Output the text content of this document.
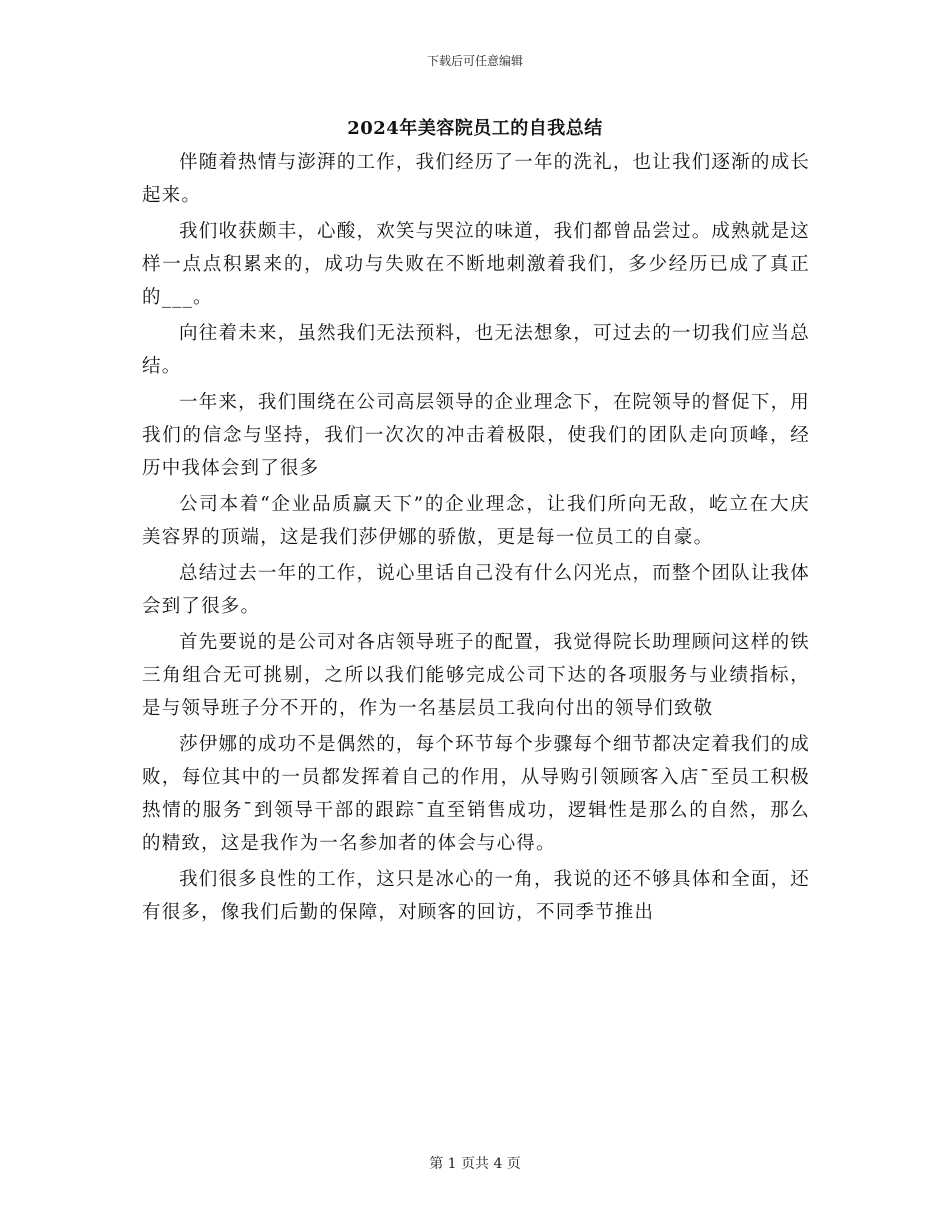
下载后可任意编辑
2024年美容院员工的自我总结

伴随着热情与澎湃的工作，我们经历了一年的洗礼，也让我们逐渐的成长起来。

我们收获颇丰，心酸，欢笑与哭泣的味道，我们都曾品尝过。成熟就是这样一点点积累来的，成功与失败在不断地刺激着我们，多少经历已成了真正的___。

向往着未来，虽然我们无法预料，也无法想象，可过去的一切我们应当总结。

一年来，我们围绕在公司高层领导的企业理念下，在院领导的督促下，用我们的信念与坚持，我们一次次的冲击着极限，使我们的团队走向顶峰，经历中我体会到了很多

公司本着“企业品质赢天下”的企业理念，让我们所向无敌，屹立在大庆美容界的顶端，这是我们莎伊娜的骄傲，更是每一位员工的自豪。

总结过去一年的工作，说心里话自己没有什么闪光点，而整个团队让我体会到了很多。

首先要说的是公司对各店领导班子的配置，我觉得院长助理顾问这样的铁三角组合无可挑剔，之所以我们能够完成公司下达的各项服务与业绩指标，是与领导班子分不开的，作为一名基层员工我向付出的领导们致敬

莎伊娜的成功不是偶然的，每个环节每个步骤每个细节都决定着我们的成败，每位其中的一员都发挥着自己的作用，从导购引领顾客入店¯至员工积极热情的服务¯到领导干部的跟踪¯直至销售成功，逻辑性是那么的自然，那么的精致，这是我作为一名参加者的体会与心得。

我们很多良性的工作，这只是冰心的一角，我说的还不够具体和全面，还有很多，像我们后勤的保障，对顾客的回访，不同季节推出

第 1 页共 4 页
